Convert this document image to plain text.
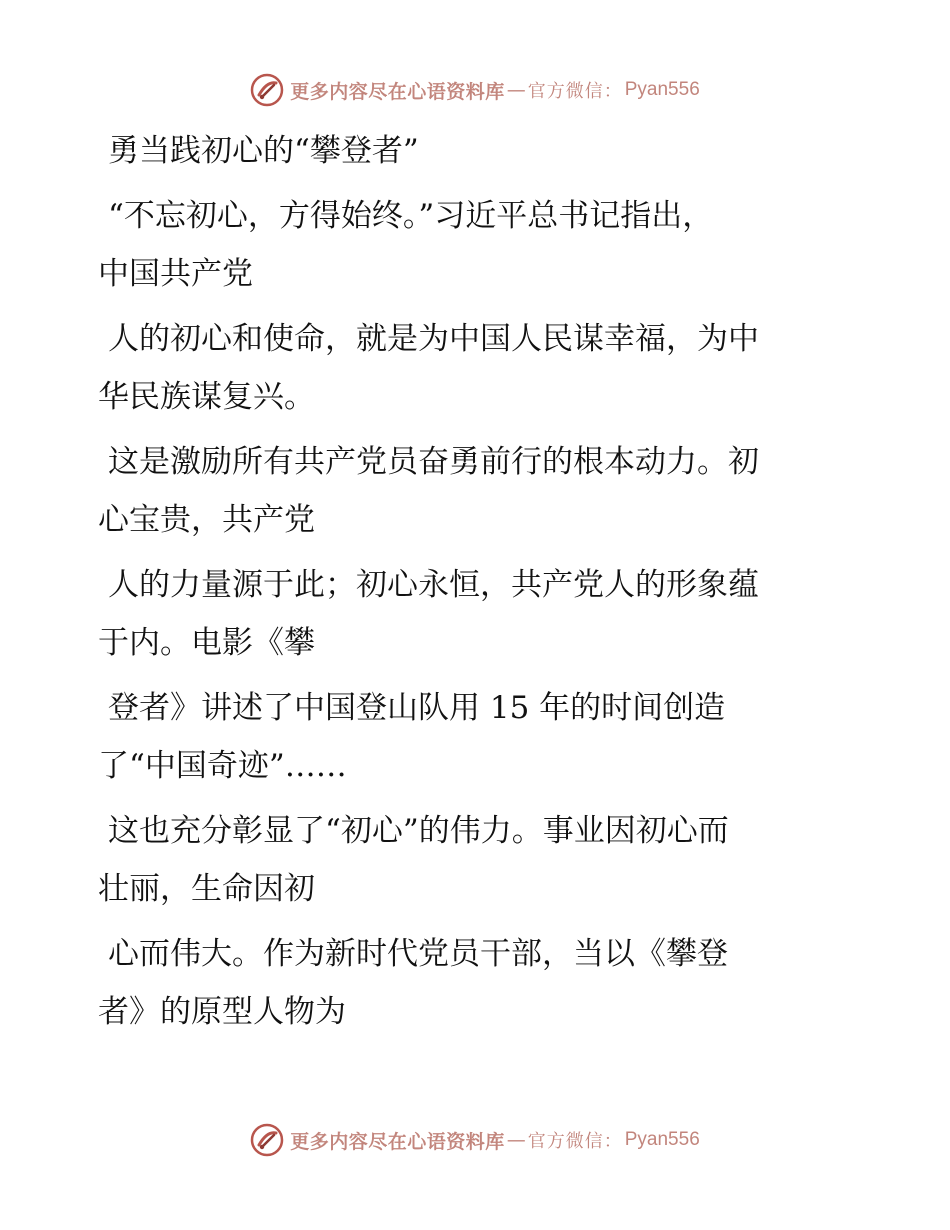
更多内容尽在心语资料库 — 官方微信： Pyan556
勇当践初心的“攀登者”
“不忘初心，方得始终。”习近平总书记指出，
中国共产党
人的初心和使命，就是为中国人民谋幸福，为中
华民族谋复兴。
这是激励所有共产党员奋勇前行的根本动力。初
心宝贵，共产党
人的力量源于此；初心永恒，共产党人的形象蕴
于内。电影《攀
登者》讲述了中国登山队用 15 年的时间创造
了“中国奇迹”……
这也充分彰显了“初心”的伟力。事业因初心而
壮丽，生命因初
心而伟大。作为新时代党员干部，当以《攀登
者》的原型人物为
更多内容尽在心语资料库 — 官方微信： Pyan556
